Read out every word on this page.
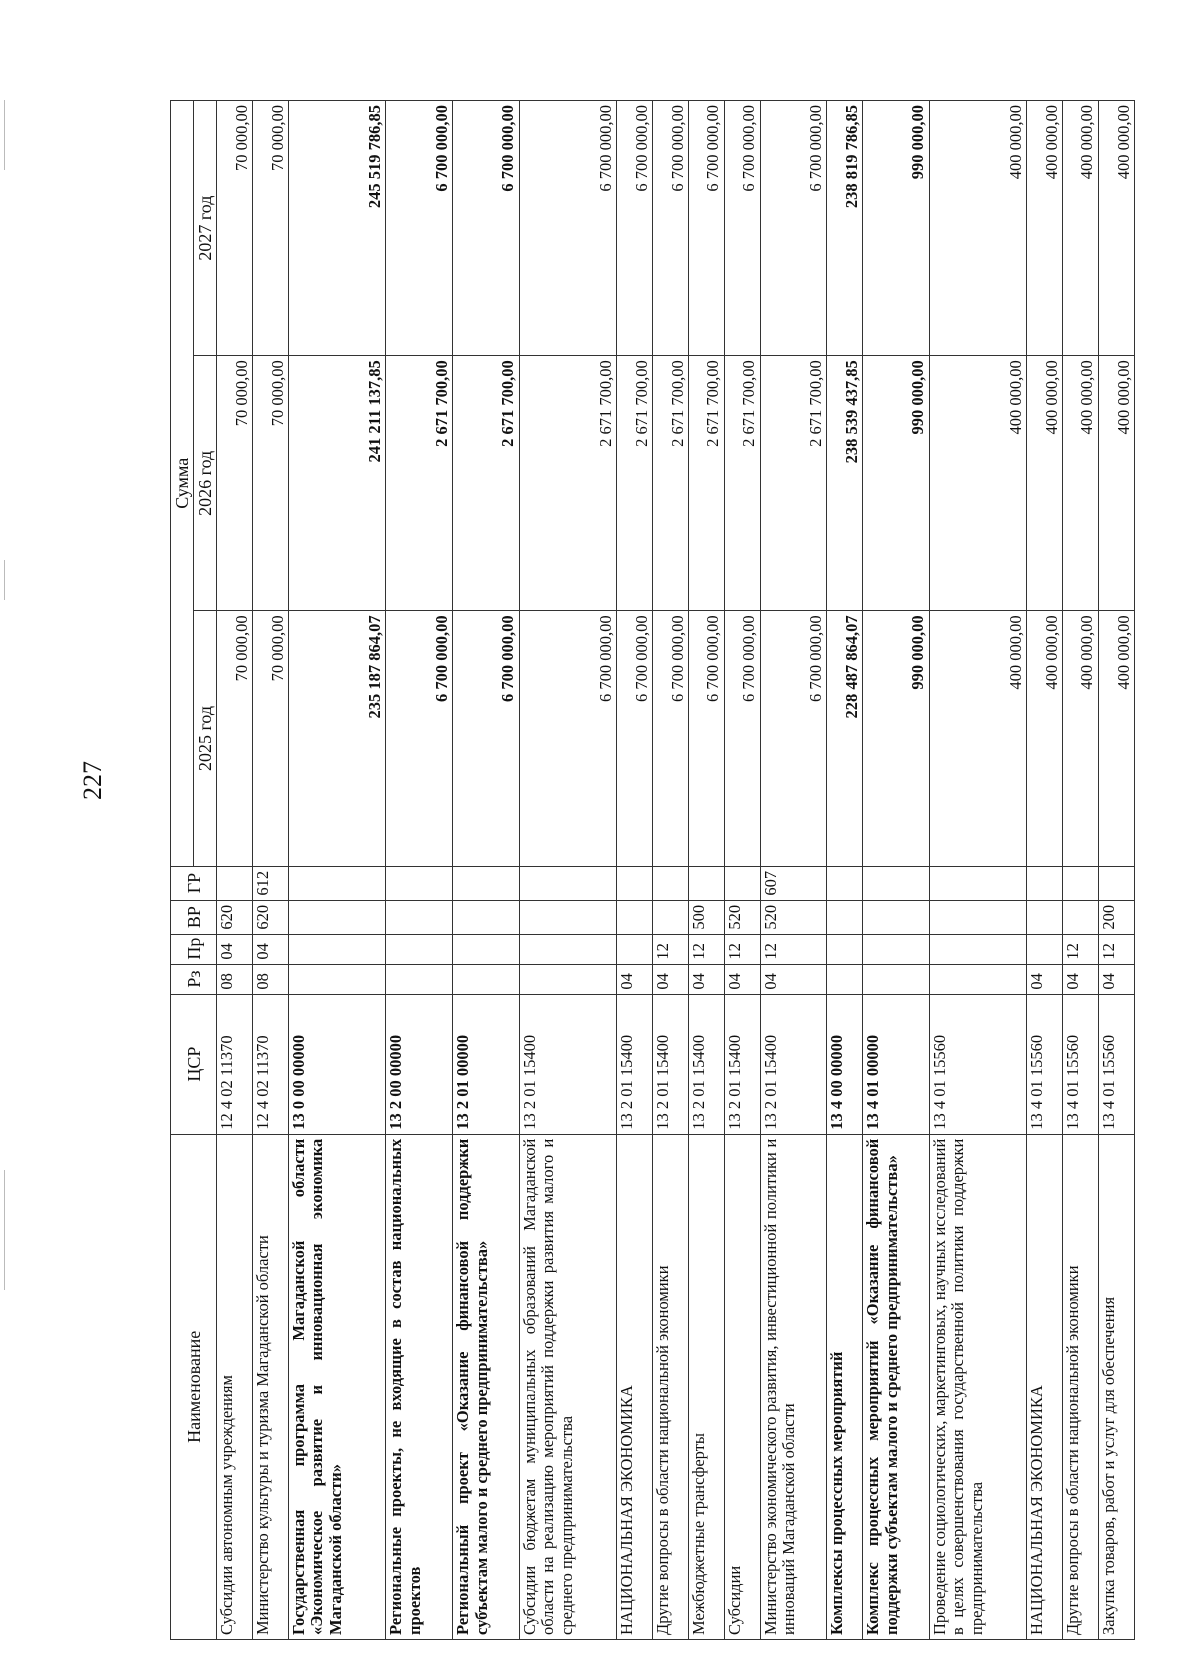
227
Наименование	ЦСР	Рз	Пр	ВР	ГР	Сумма		
						2025 год	2026 год	2027 год
Субсидии автономным учреждениям	12 4 02 11370	08	04	620		70 000,00	70 000,00	70 000,00
Министерство культуры и туризма Магаданской области	12 4 02 11370	08	04	620	612	70 000,00	70 000,00	70 000,00
Государственная программа Магаданской области «Экономическое развитие и инновационная экономика Магаданской области»	13 0 00 00000					235 187 864,07	241 211 137,85	245 519 786,85
Региональные проекты, не входящие в состав национальных проектов	13 2 00 00000					6 700 000,00	2 671 700,00	6 700 000,00
Региональный проект «Оказание финансовой поддержки субъектам малого и среднего предпринимательства»	13 2 01 00000					6 700 000,00	2 671 700,00	6 700 000,00
Субсидии бюджетам муниципальных образований Магаданской области на реализацию мероприятий поддержки развития малого и среднего предпринимательства	13 2 01 15400					6 700 000,00	2 671 700,00	6 700 000,00
НАЦИОНАЛЬНАЯ ЭКОНОМИКА	13 2 01 15400	04				6 700 000,00	2 671 700,00	6 700 000,00
Другие вопросы в области национальной экономики	13 2 01 15400	04	12			6 700 000,00	2 671 700,00	6 700 000,00
Межбюджетные трансферты	13 2 01 15400	04	12	500		6 700 000,00	2 671 700,00	6 700 000,00
Субсидии	13 2 01 15400	04	12	520		6 700 000,00	2 671 700,00	6 700 000,00
Министерство экономического развития, инвестиционной политики и инноваций Магаданской области	13 2 01 15400	04	12	520	607	6 700 000,00	2 671 700,00	6 700 000,00
Комплексы процессных мероприятий	13 4 00 00000					228 487 864,07	238 539 437,85	238 819 786,85
Комплекс процессных мероприятий «Оказание финансовой поддержки субъектам малого и среднего предпринимательства»	13 4 01 00000					990 000,00	990 000,00	990 000,00
Проведение социологических, маркетинговых, научных исследований в целях совершенствования государственной политики поддержки предпринимательства	13 4 01 15560					400 000,00	400 000,00	400 000,00
НАЦИОНАЛЬНАЯ ЭКОНОМИКА	13 4 01 15560	04				400 000,00	400 000,00	400 000,00
Другие вопросы в области национальной экономики	13 4 01 15560	04	12			400 000,00	400 000,00	400 000,00
Закупка товаров, работ и услуг для обеспечения	13 4 01 15560	04	12	200		400 000,00	400 000,00	400 000,00
